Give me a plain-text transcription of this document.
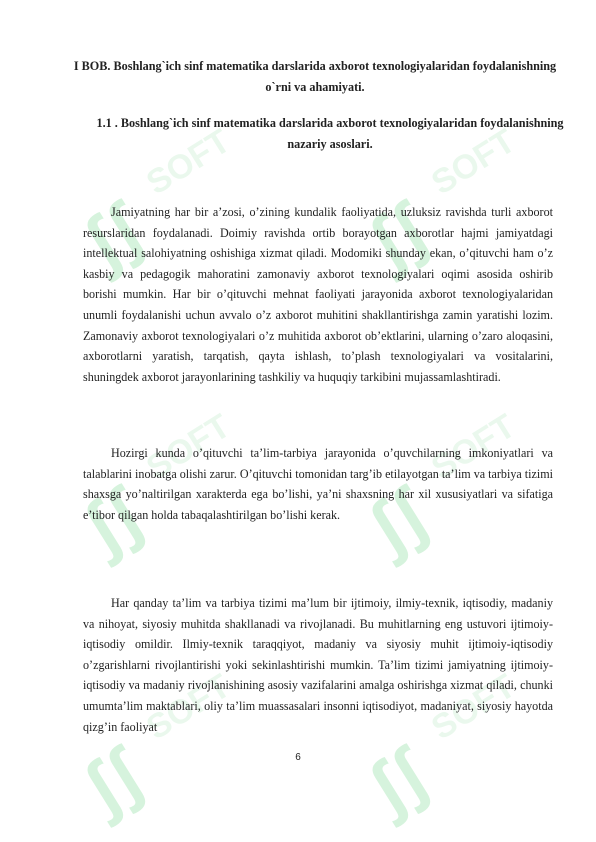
ʃʃ
SOFT
ʃʃ
SOFT
ʃʃ
SOFT
ʃʃ
SOFT
ʃʃ
SOFT
ʃʃ
SOFT
I BOB. Boshlang`ich sinf matematika darslarida axborot texnologiyalaridan foydalanishning o`rni va ahamiyati.
1.1 . Boshlang`ich sinf matematika darslarida axborot texnologiyalaridan foydalanishning nazariy asoslari.

Jamiyatning har bir a’zosi, o’zining kundalik faoliyatida, uzluksiz ravishda turli axborot resurslaridan foydalanadi. Doimiy ravishda ortib borayotgan axborotlar hajmi jamiyatdagi intellektual salohiyatning oshishiga xizmat qiladi. Modomiki shunday ekan, o’qituvchi ham o’z kasbiy va pedagogik mahoratini zamonaviy axborot texnologiyalari oqimi asosida oshirib borishi mumkin. Har bir o’qituvchi mehnat faoliyati jarayonida axborot texnologiyalaridan unumli foydalanishi uchun avvalo o’z axborot muhitini shakllantirishga zamin yaratishi lozim. Zamonaviy axborot texnologiyalari o’z muhitida axborot ob’ektlarini, ularning o’zaro aloqasini, axborotlarni yaratish, tarqatish, qayta ishlash, to’plash texnologiyalari va vositalarini, shuningdek axborot jarayonlarining tashkiliy va huquqiy tarkibini mujassamlashtiradi.

Hozirgi kunda o’qituvchi ta’lim-tarbiya jarayonida o’quvchilarning imkoniyatlari va talablarini inobatga olishi zarur. O’qituvchi tomonidan targ’ib etilayotgan ta’lim va tarbiya tizimi shaxsga yo’naltirilgan xarakterda ega bo’lishi, ya’ni shaxsning har xil xususiyatlari va sifatiga e’tibor qilgan holda tabaqalashtirilgan bo’lishi kerak.

Har qanday ta’lim va tarbiya tizimi ma’lum bir ijtimoiy, ilmiy-texnik, iqtisodiy, madaniy va nihoyat, siyosiy muhitda shakllanadi va rivojlanadi. Bu muhitlarning eng ustuvori ijtimoiy-iqtisodiy omildir. Ilmiy-texnik taraqqiyot, madaniy va siyosiy muhit ijtimoiy-iqtisodiy o’zgarishlarni rivojlantirishi yoki sekinlashtirishi mumkin. Ta’lim tizimi jamiyatning ijtimoiy-iqtisodiy va madaniy rivojlanishining asosiy vazifalarini amalga oshirishga xizmat qiladi, chunki umumta’lim maktablari, oliy ta’lim muassasalari insonni iqtisodiyot, madaniyat, siyosiy hayotda qizg’in faoliyat

6
